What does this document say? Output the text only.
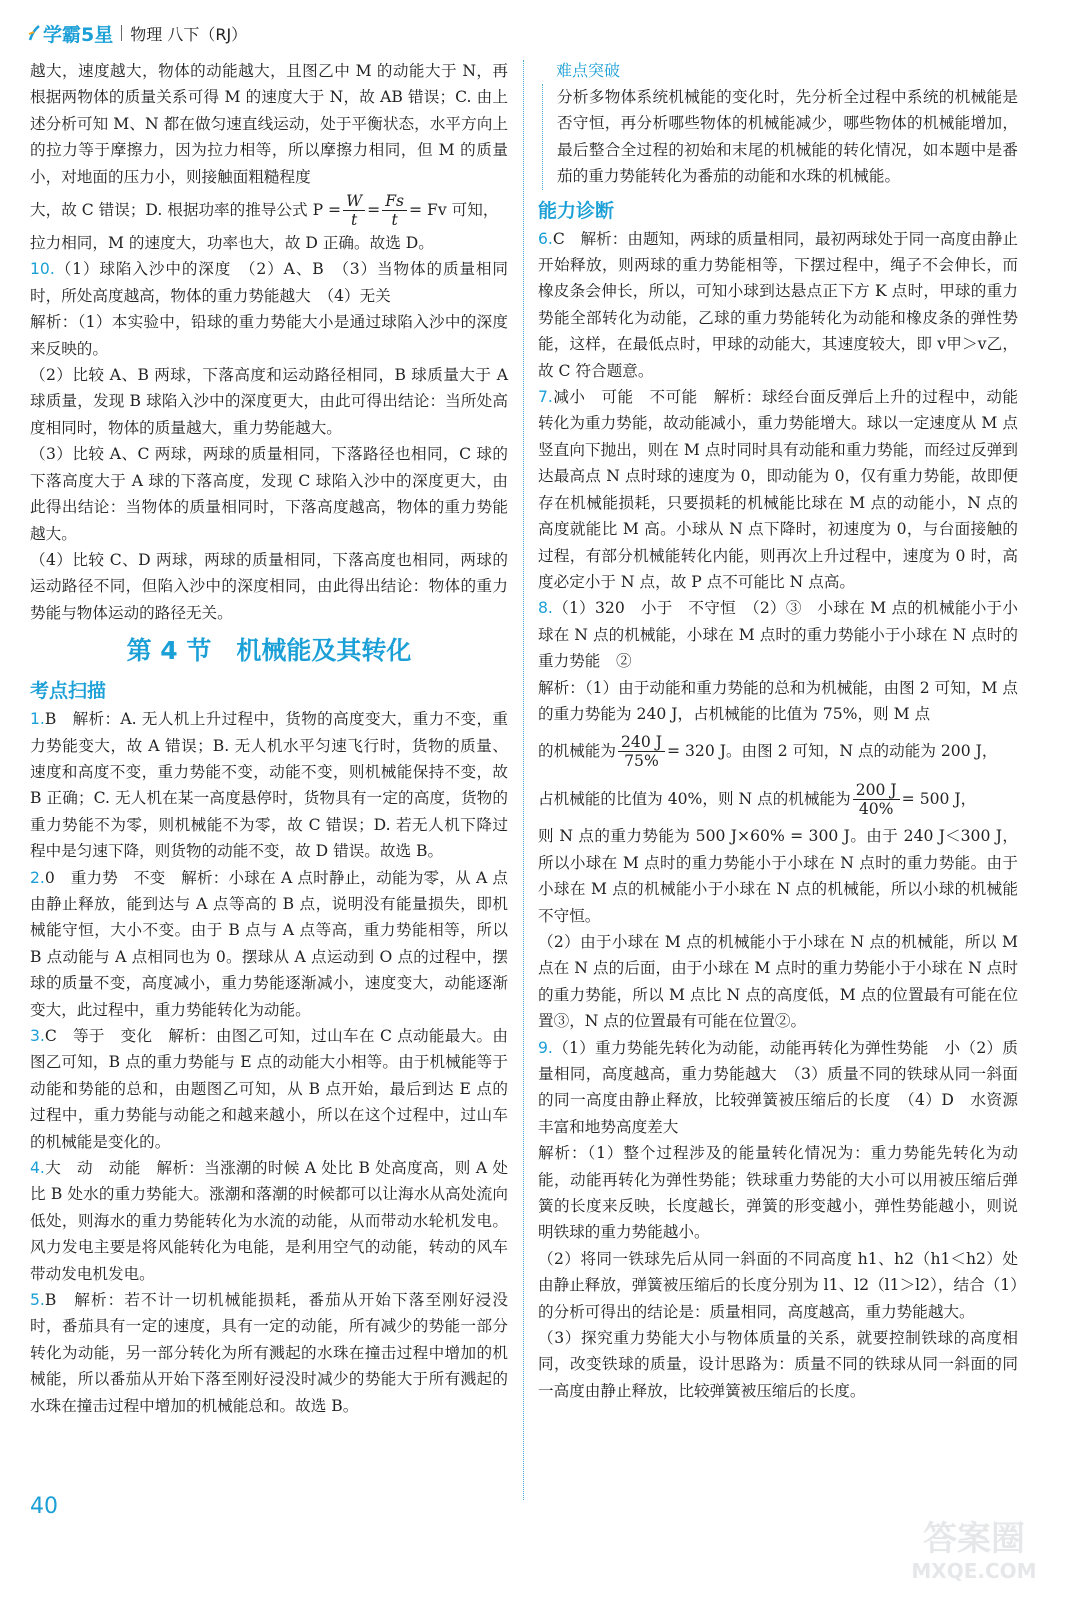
学霸5星 物理 八下（RJ）

越大，速度越大，物体的动能越大，且图乙中 M 的动能大于 N，再根据两物体的质量关系可得 M 的速度大于 N，故 AB 错误；C. 由上述分析可知 M、N 都在做匀速直线运动，处于平衡状态，水平方向上的拉力等于摩擦力，因为拉力相等，所以摩擦力相同，但 M 的质量小，对地面的压力小，则接触面粗糙程度

大，故 C 错误；D. 根据功率的推导公式 $P = \frac{W}{t} = \frac{Fs}{t} = Fv$ 可知，

拉力相同，M 的速度大，功率也大，故 D 正确。故选 D。

10.（1）球陷入沙中的深度　（2）A、B　（3）当物体的质量相同时，所处高度越高，物体的重力势能越大　（4）无关

解析：（1）本实验中，铅球的重力势能大小是通过球陷入沙中的深度来反映的。

（2）比较 A、B 两球，下落高度和运动路径相同，B 球质量大于 A 球质量，发现 B 球陷入沙中的深度更大，由此可得出结论：当所处高度相同时，物体的质量越大，重力势能越大。

（3）比较 A、C 两球，两球的质量相同，下落路径也相同，C 球的下落高度大于 A 球的下落高度，发现 C 球陷入沙中的深度更大，由此得出结论：当物体的质量相同时，下落高度越高，物体的重力势能越大。

（4）比较 C、D 两球，两球的质量相同，下落高度也相同，两球的运动路径不同，但陷入沙中的深度相同，由此得出结论：物体的重力势能与物体运动的路径无关。

第 4 节　机械能及其转化
考点扫描

1.B　解析：A. 无人机上升过程中，货物的高度变大，重力不变，重力势能变大，故 A 错误；B. 无人机水平匀速飞行时，货物的质量、速度和高度不变，重力势能不变，动能不变，则机械能保持不变，故 B 正确；C. 无人机在某一高度悬停时，货物具有一定的高度，货物的重力势能不为零，则机械能不为零，故 C 错误；D. 若无人机下降过程中是匀速下降，则货物的动能不变，故 D 错误。故选 B。

2.0　重力势　不变　解析：小球在 A 点时静止，动能为零，从 A 点由静止释放，能到达与 A 点等高的 B 点，说明没有能量损失，即机械能守恒，大小不变。由于 B 点与 A 点等高，重力势能相等，所以 B 点动能与 A 点相同也为 0。摆球从 A 点运动到 O 点的过程中，摆球的质量不变，高度减小，重力势能逐渐减小，速度变大，动能逐渐变大，此过程中，重力势能转化为动能。

3.C　等于　变化　解析：由图乙可知，过山车在 C 点动能最大。由图乙可知，B 点的重力势能与 E 点的动能大小相等。由于机械能等于动能和势能的总和，由题图乙可知，从 B 点开始，最后到达 E 点的过程中，重力势能与动能之和越来越小，所以在这个过程中，过山车的机械能是变化的。

4.大　动　动能　解析：当涨潮的时候 A 处比 B 处高度高，则 A 处比 B 处水的重力势能大。涨潮和落潮的时候都可以让海水从高处流向低处，则海水的重力势能转化为水流的动能，从而带动水轮机发电。风力发电主要是将风能转化为电能，是利用空气的动能，转动的风车带动发电机发电。

5.B　解析：若不计一切机械能损耗，番茄从开始下落至刚好浸没时，番茄具有一定的速度，具有一定的动能，所有减少的势能一部分转化为动能，另一部分转化为所有溅起的水珠在撞击过程中增加的机械能，所以番茄从开始下落至刚好浸没时减少的势能大于所有溅起的水珠在撞击过程中增加的机械能总和。故选 B。

难点突破

分析多物体系统机械能的变化时，先分析全过程中系统的机械能是否守恒，再分析哪些物体的机械能减少，哪些物体的机械能增加，最后整合全过程的初始和末尾的机械能的转化情况，如本题中是番茄的重力势能转化为番茄的动能和水珠的机械能。

能力诊断

6.C　解析：由题知，两球的质量相同，最初两球处于同一高度由静止开始释放，则两球的重力势能相等，下摆过程中，绳子不会伸长，而橡皮条会伸长，所以，可知小球到达悬点正下方 K 点时，甲球的重力势能全部转化为动能，乙球的重力势能转化为动能和橡皮条的弹性势能，这样，在最低点时，甲球的动能大，其速度较大，即 v甲＞v乙，故 C 符合题意。

7.减小　可能　不可能　解析：球经台面反弹后上升的过程中，动能转化为重力势能，故动能减小，重力势能增大。球以一定速度从 M 点竖直向下抛出，则在 M 点时同时具有动能和重力势能，而经过反弹到达最高点 N 点时球的速度为 0，即动能为 0，仅有重力势能，故即便存在机械能损耗，只要损耗的机械能比球在 M 点的动能小，N 点的高度就能比 M 高。小球从 N 点下降时，初速度为 0，与台面接触的过程，有部分机械能转化内能，则再次上升过程中，速度为 0 时，高度必定小于 N 点，故 P 点不可能比 N 点高。

8.（1）320　小于　不守恒　（2）③　小球在 M 点的机械能小于小球在 N 点的机械能，小球在 M 点时的重力势能小于小球在 N 点时的重力势能　②

解析：（1）由于动能和重力势能的总和为机械能，由图 2 可知，M 点的重力势能为 240 J，占机械能的比值为 75%，则 M 点

的机械能为 $\frac{240 J}{75\%} = 320$ J。由图 2 可知，N 点的动能为 200 J，

占机械能的比值为 40%，则 N 点的机械能为 $\frac{200 J}{40\%} = 500$ J，

则 N 点的重力势能为 500 J×60% = 300 J。由于 240 J＜300 J，所以小球在 M 点时的重力势能小于小球在 N 点时的重力势能。由于小球在 M 点的机械能小于小球在 N 点的机械能，所以小球的机械能不守恒。

（2）由于小球在 M 点的机械能小于小球在 N 点的机械能，所以 M 点在 N 点的后面，由于小球在 M 点时的重力势能小于小球在 N 点时的重力势能，所以 M 点比 N 点的高度低，M 点的位置最有可能在位置③，N 点的位置最有可能在位置②。

9.（1）重力势能先转化为动能，动能再转化为弹性势能　小（2）质量相同，高度越高，重力势能越大　（3）质量不同的铁球从同一斜面的同一高度由静止释放，比较弹簧被压缩后的长度　（4）D　水资源丰富和地势高度差大

解析：（1）整个过程涉及的能量转化情况为：重力势能先转化为动能，动能再转化为弹性势能；铁球重力势能的大小可以用被压缩后弹簧的长度来反映，长度越长，弹簧的形变越小，弹性势能越小，则说明铁球的重力势能越小。

（2）将同一铁球先后从同一斜面的不同高度 h1、h2（h1＜h2）处由静止释放，弹簧被压缩后的长度分别为 l1、l2（l1＞l2），结合（1）的分析可得出的结论是：质量相同，高度越高，重力势能越大。

（3）探究重力势能大小与物体质量的关系，就要控制铁球的高度相同，改变铁球的质量，设计思路为：质量不同的铁球从同一斜面的同一高度由静止释放，比较弹簧被压缩后的长度。

40
答案圈
MXQE.COM
